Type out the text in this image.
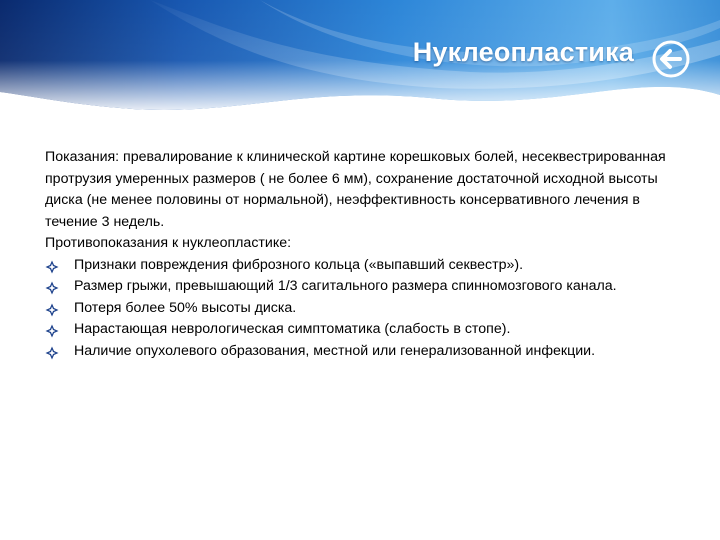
Нуклеопластика

Показания: превалирование к клинической картине корешковых болей, несеквестрированная протрузия умеренных размеров ( не более 6 мм), сохранение достаточной исходной высоты диска (не менее половины от нормальной), неэффективность консервативного лечения в течение 3 недель.

Противопоказания к нуклеопластике:

Признаки повреждения фиброзного кольца («выпавший секвестр»).
Размер грыжи, превышающий 1/3 сагитального размера спинномозгового канала.
Потеря более 50% высоты диска.
Нарастающая неврологическая симптоматика (слабость в стопе).
Наличие опухолевого образования, местной или генерализованной инфекции.
